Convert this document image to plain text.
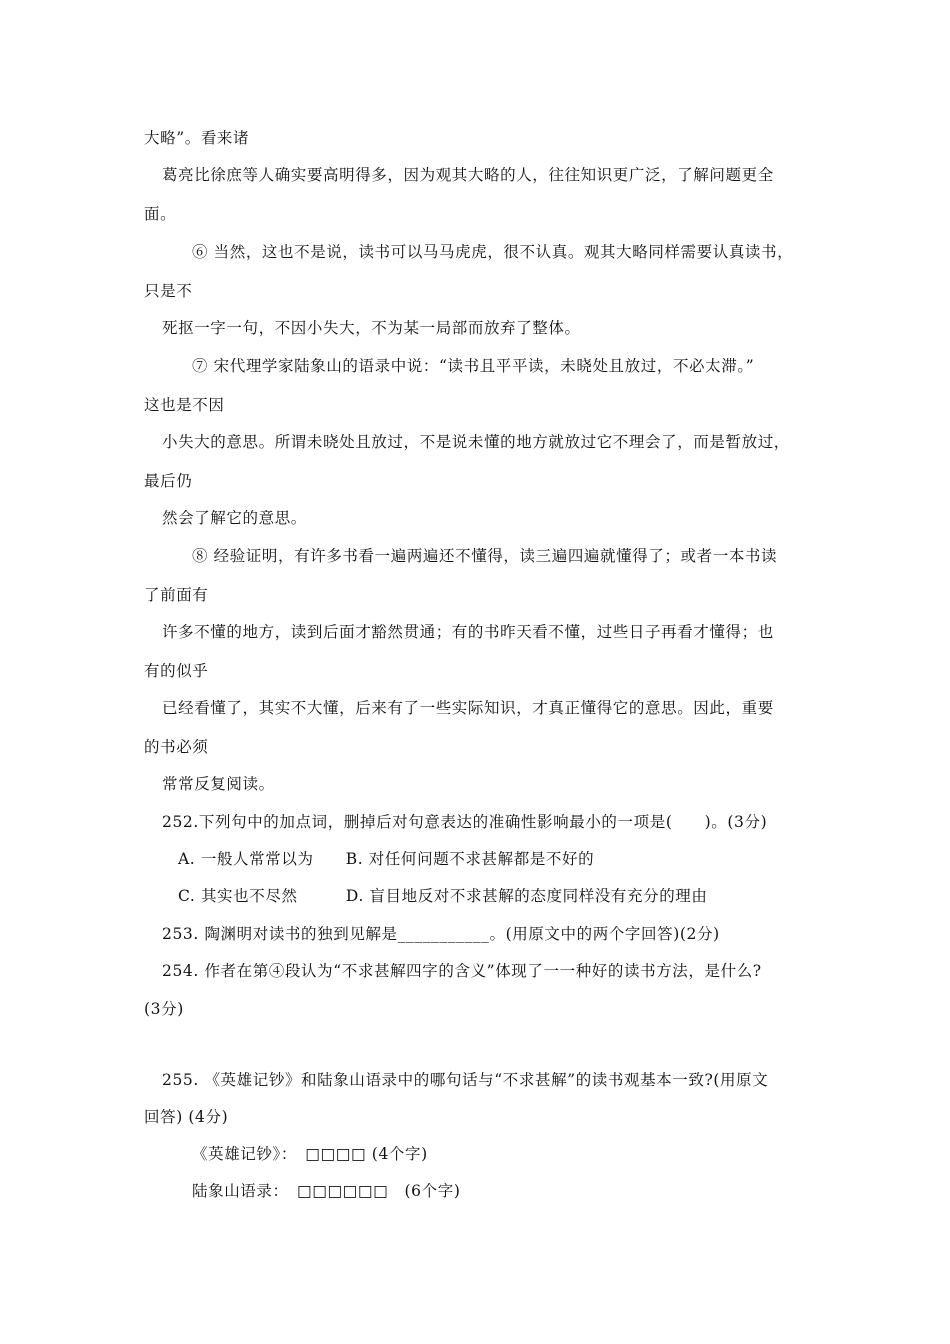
大略”。看来诸
葛亮比徐庶等人确实要高明得多，因为观其大略的人，往往知识更广泛，了解问题更全
面。
⑥ 当然，这也不是说，读书可以马马虎虎，很不认真。观其大略同样需要认真读书，
只是不
死抠一字一句，不因小失大，不为某一局部而放弃了整体。
⑦ 宋代理学家陆象山的语录中说：“读书且平平读，未晓处且放过，不必太滞。”
这也是不因
小失大的意思。所谓未晓处且放过，不是说未懂的地方就放过它不理会了，而是暂放过，
最后仍
然会了解它的意思。
⑧ 经验证明，有许多书看一遍两遍还不懂得，读三遍四遍就懂得了；或者一本书读
了前面有
许多不懂的地方，读到后面才豁然贯通；有的书昨天看不懂，过些日子再看才懂得；也
有的似乎
已经看懂了，其实不大懂，后来有了一些实际知识，才真正懂得它的意思。因此，重要
的书必须
常常反复阅读。
252.下列句中的加点词，删掉后对句意表达的准确性影响最小的一项是(　　)。(3分)
A. 一般人常常以为　　B. 对任何问题不求甚解都是不好的
C. 其实也不尽然　　　D. 盲目地反对不求甚解的态度同样没有充分的理由
253. 陶渊明对读书的独到见解是___________。(用原文中的两个字回答)(2分)
254. 作者在第④段认为“不求甚解四字的含义”体现了一一种好的读书方法，是什么?
(3分)
255. 《英雄记钞》和陆象山语录中的哪句话与“不求甚解”的读书观基本一致?(用原文
回答) (4分)
《英雄记钞》：　□□□□ (4个字)
陆象山语录：　□□□□□□　(6个字)
